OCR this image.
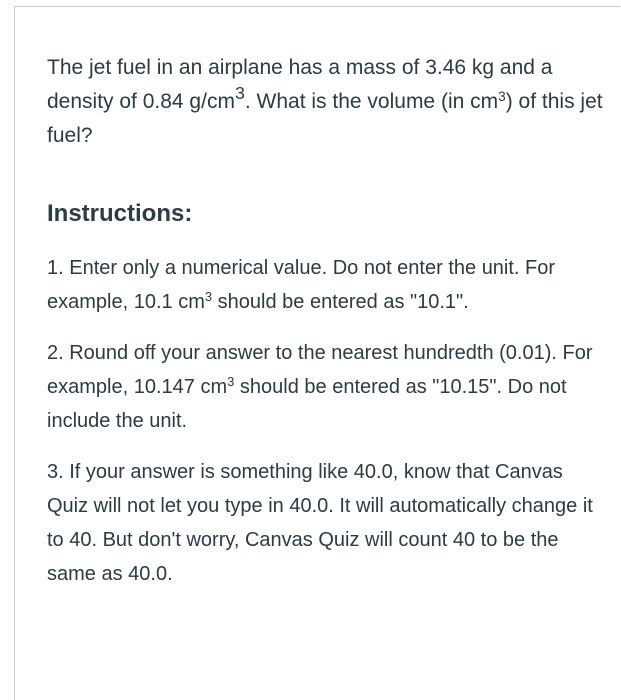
The jet fuel in an airplane has a mass of 3.46 kg and a density of 0.84 $g/cm^3$. What is the volume (in $cm^3$) of this jet fuel?

Instructions:

1. Enter only a numerical value. Do not enter the unit. For example, 10.1 $cm^3$ should be entered as "10.1".

2. Round off your answer to the nearest hundredth (0.01). For example, 10.147 $cm^3$ should be entered as "10.15". Do not include the unit.

3. If your answer is something like 40.0, know that Canvas Quiz will not let you type in 40.0. It will automatically change it to 40. But don't worry, Canvas Quiz will count 40 to be the same as 40.0.
